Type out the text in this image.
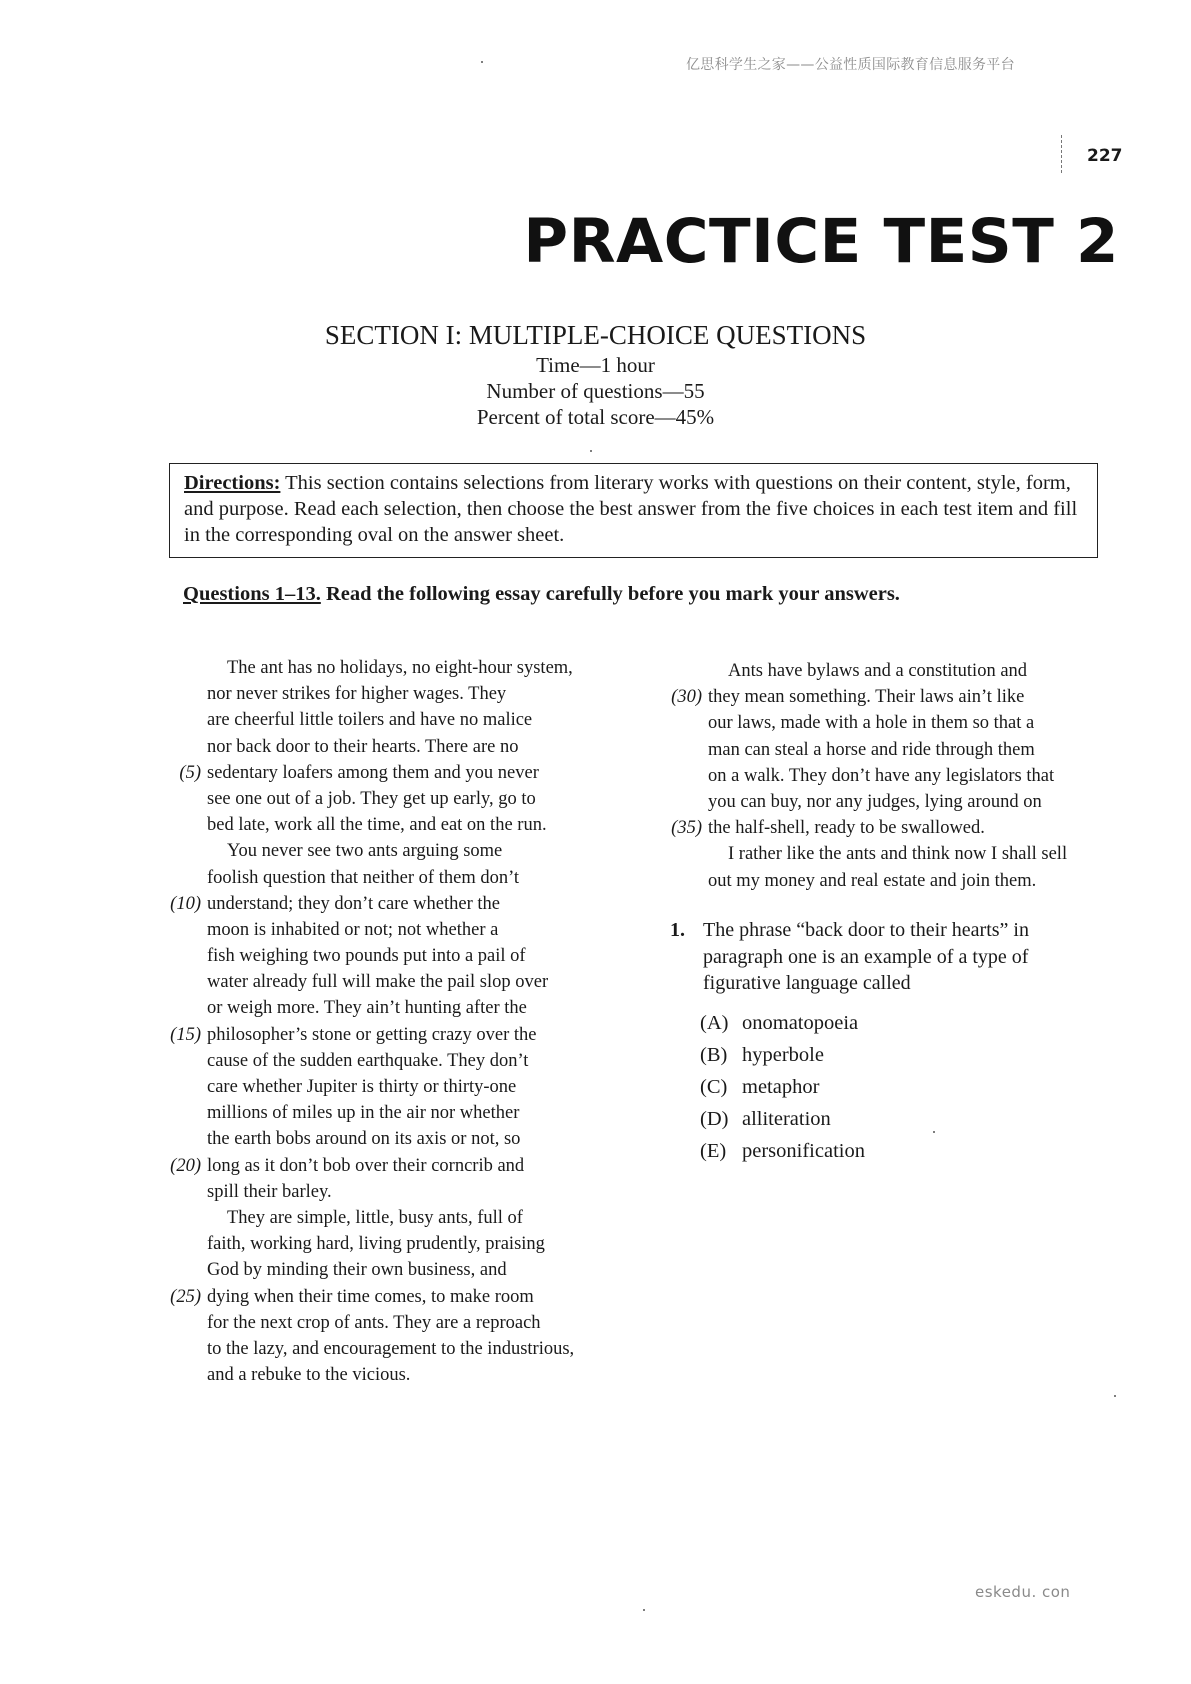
亿思科学生之家——公益性质国际教育信息服务平台
227
PRACTICE TEST 2
SECTION I: MULTIPLE-CHOICE QUESTIONS
Time—1 hour
Number of questions—55
Percent of total score—45%
Directions: This section contains selections from literary works with questions on their content, style, form, and purpose. Read each selection, then choose the best answer from the five choices in each test item and fill in the corresponding oval on the answer sheet.
Questions 1–13. Read the following essay carefully before you mark your answers.
The ant has no holidays, no eight-hour system,
nor never strikes for higher wages. They
are cheerful little toilers and have no malice
nor back door to their hearts. There are no
(5) sedentary loafers among them and you never
see one out of a job. They get up early, go to
bed late, work all the time, and eat on the run.
You never see two ants arguing some
foolish question that neither of them don’t
(10) understand; they don’t care whether the
moon is inhabited or not; not whether a
fish weighing two pounds put into a pail of
water already full will make the pail slop over
or weigh more. They ain’t hunting after the
(15) philosopher’s stone or getting crazy over the
cause of the sudden earthquake. They don’t
care whether Jupiter is thirty or thirty-one
millions of miles up in the air nor whether
the earth bobs around on its axis or not, so
(20) long as it don’t bob over their corncrib and
spill their barley.
They are simple, little, busy ants, full of
faith, working hard, living prudently, praising
God by minding their own business, and
(25) dying when their time comes, to make room
for the next crop of ants. They are a reproach
to the lazy, and encouragement to the industrious,
and a rebuke to the vicious.
Ants have bylaws and a constitution and
(30) they mean something. Their laws ain’t like
our laws, made with a hole in them so that a
man can steal a horse and ride through them
on a walk. They don’t have any legislators that
you can buy, nor any judges, lying around on
(35) the half-shell, ready to be swallowed.
I rather like the ants and think now I shall sell
out my money and real estate and join them.
1. The phrase “back door to their hearts” in paragraph one is an example of a type of figurative language called
(A) onomatopoeia
(B) hyperbole
(C) metaphor
(D) alliteration
(E) personification
eskedu. con
